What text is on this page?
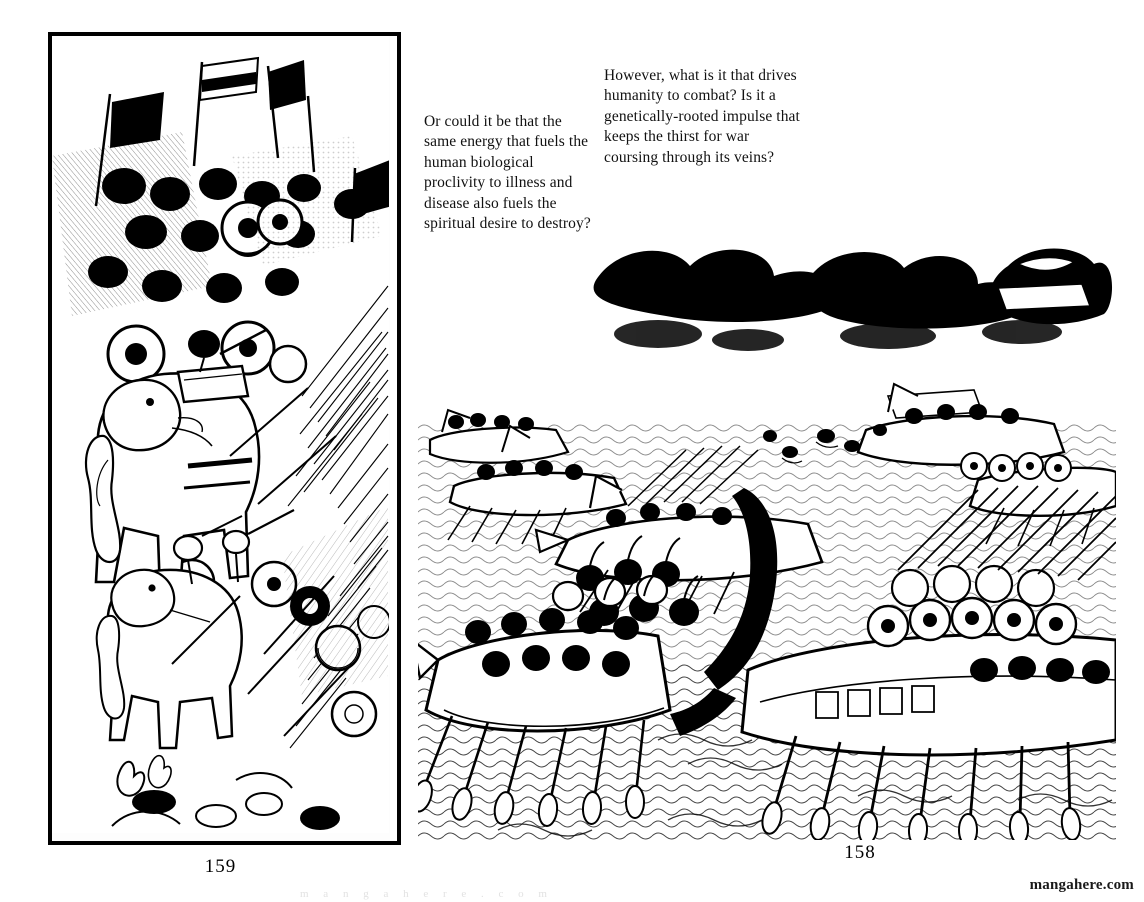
159
Or could it be that the same energy that fuels the human biological proclivity to illness and disease also fuels the spiritual desire to destroy?
However, what is it that drives humanity to combat? Is it a genetically-rooted impulse that keeps the thirst for war coursing through its veins?
158
m a n g a h e r e . c o m
mangahere.com
